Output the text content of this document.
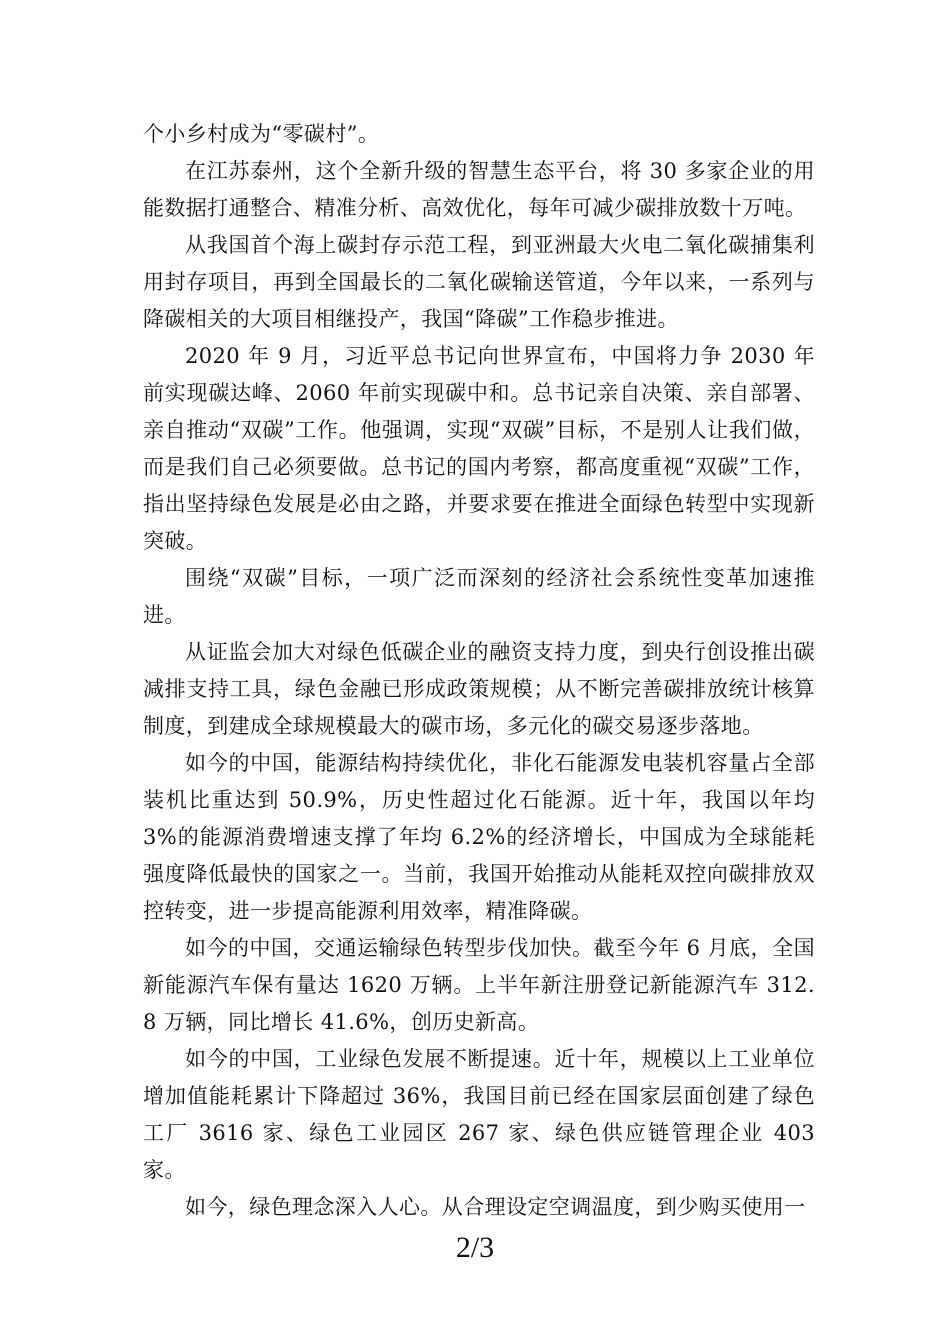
个小乡村成为“零碳村”。

在江苏泰州，这个全新升级的智慧生态平台，将 30 多家企业的用能数据打通整合、精准分析、高效优化，每年可减少碳排放数十万吨。

从我国首个海上碳封存示范工程，到亚洲最大火电二氧化碳捕集利用封存项目，再到全国最长的二氧化碳输送管道，今年以来，一系列与降碳相关的大项目相继投产，我国“降碳”工作稳步推进。

2020 年 9 月，习近平总书记向世界宣布，中国将力争 2030 年前实现碳达峰、2060 年前实现碳中和。总书记亲自决策、亲自部署、亲自推动“双碳”工作。他强调，实现“双碳”目标，不是别人让我们做，而是我们自己必须要做。总书记的国内考察，都高度重视“双碳”工作，指出坚持绿色发展是必由之路，并要求要在推进全面绿色转型中实现新突破。

围绕“双碳”目标，一项广泛而深刻的经济社会系统性变革加速推进。

从证监会加大对绿色低碳企业的融资支持力度，到央行创设推出碳减排支持工具，绿色金融已形成政策规模；从不断完善碳排放统计核算制度，到建成全球规模最大的碳市场，多元化的碳交易逐步落地。

如今的中国，能源结构持续优化，非化石能源发电装机容量占全部装机比重达到 50.9%，历史性超过化石能源。近十年，我国以年均 3%的能源消费增速支撑了年均 6.2%的经济增长，中国成为全球能耗强度降低最快的国家之一。当前，我国开始推动从能耗双控向碳排放双控转变，进一步提高能源利用效率，精准降碳。

如今的中国，交通运输绿色转型步伐加快。截至今年 6 月底，全国新能源汽车保有量达 1620 万辆。上半年新注册登记新能源汽车 312.8 万辆，同比增长 41.6%，创历史新高。

如今的中国，工业绿色发展不断提速。近十年，规模以上工业单位增加值能耗累计下降超过 36%，我国目前已经在国家层面创建了绿色工厂 3616 家、绿色工业园区 267 家、绿色供应链管理企业 403 家。

如今，绿色理念深入人心。从合理设定空调温度，到少购买使用一

2/3
